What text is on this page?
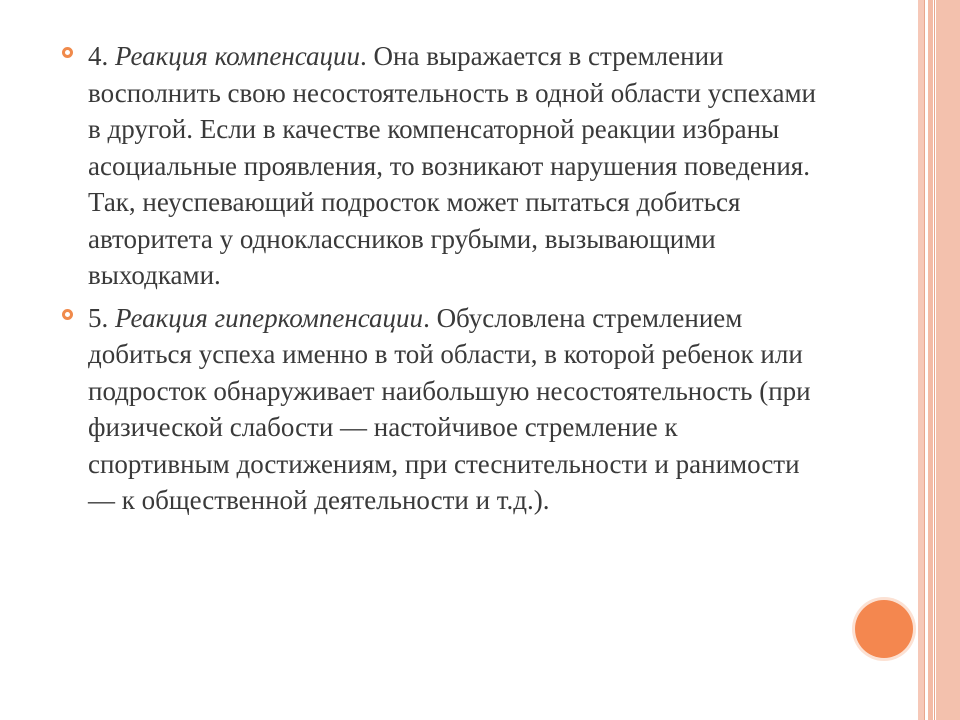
4. Реакция компенсации. Она выражается в стремлении восполнить свою несостоятельность в одной области успехами в другой. Если в качестве компенсаторной реакции избраны асоциальные проявления, то возникают нарушения поведения. Так, неуспевающий подросток может пытаться добиться авторитета у одноклассников грубыми, вызывающими выходками.
5. Реакция гиперкомпенсации. Обусловлена стремлением добиться успеха именно в той области, в которой ребенок или подросток обнаруживает наибольшую несостоятельность (при физической слабости — настойчивое стремление к спортивным достижениям, при стеснительности и ранимости — к общественной деятельности и т.д.).
